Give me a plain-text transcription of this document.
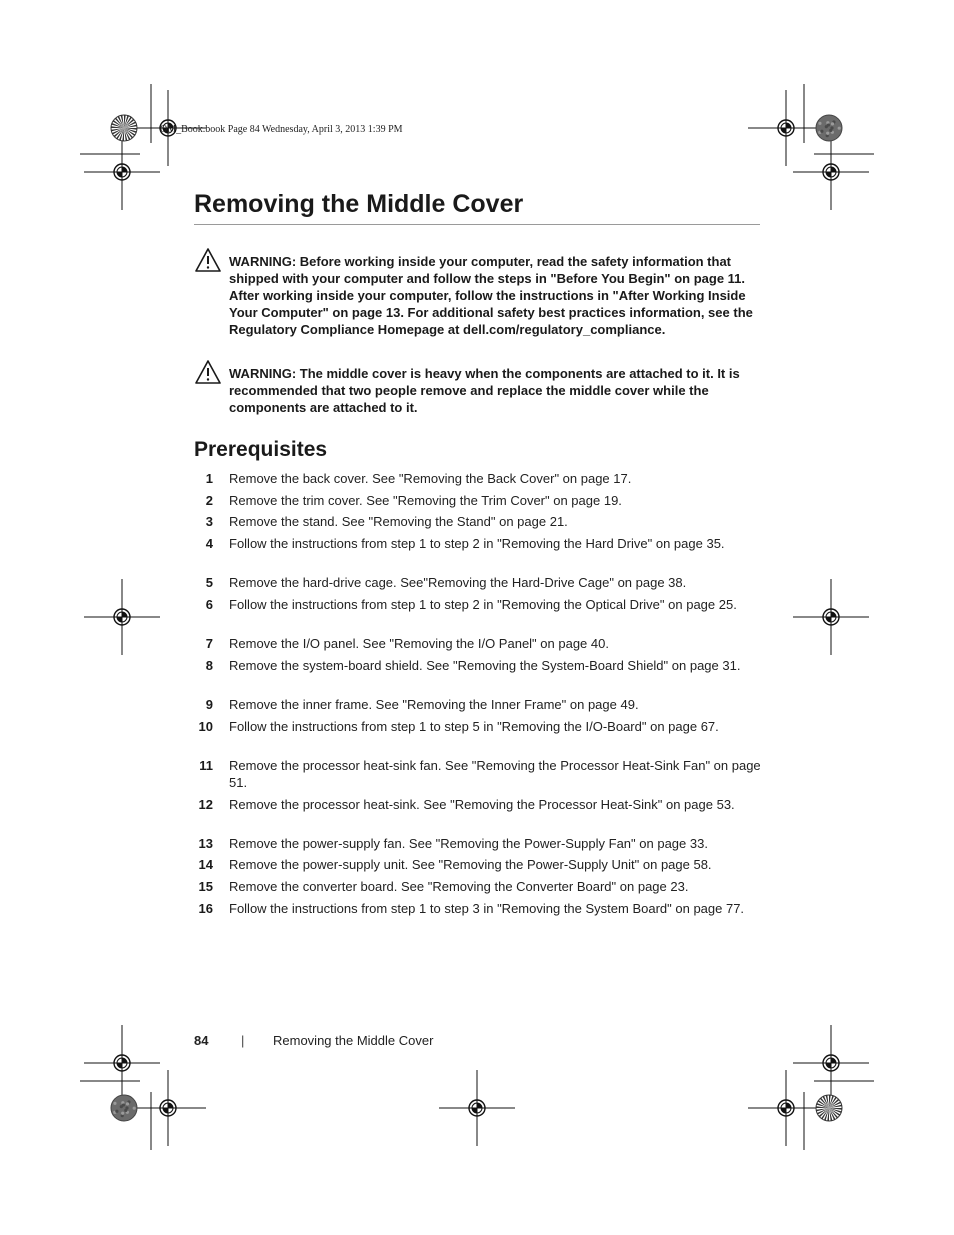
OM_Book.book Page 84 Wednesday, April 3, 2013 1:39 PM
Removing the Middle Cover
WARNING: Before working inside your computer, read the safety information that shipped with your computer and follow the steps in "Before You Begin" on page 11. After working inside your computer, follow the instructions in "After Working Inside Your Computer" on page 13. For additional safety best practices information, see the Regulatory Compliance Homepage at dell.com/regulatory_compliance.
WARNING: The middle cover is heavy when the components are attached to it. It is recommended that two people remove and replace the middle cover while the components are attached to it.
Prerequisites
1 Remove the back cover. See "Removing the Back Cover" on page 17.
2 Remove the trim cover. See "Removing the Trim Cover" on page 19.
3 Remove the stand. See "Removing the Stand" on page 21.
4 Follow the instructions from step 1 to step 2 in "Removing the Hard Drive" on page 35.
5 Remove the hard-drive cage. See"Removing the Hard-Drive Cage" on page 38.
6 Follow the instructions from step 1 to step 2 in "Removing the Optical Drive" on page 25.
7 Remove the I/O panel. See "Removing the I/O Panel" on page 40.
8 Remove the system-board shield. See "Removing the System-Board Shield" on page 31.
9 Remove the inner frame. See "Removing the Inner Frame" on page 49.
10 Follow the instructions from step 1 to step 5 in "Removing the I/O-Board" on page 67.
11 Remove the processor heat-sink fan. See "Removing the Processor Heat-Sink Fan" on page 51.
12 Remove the processor heat-sink. See "Removing the Processor Heat-Sink" on page 53.
13 Remove the power-supply fan. See "Removing the Power-Supply Fan" on page 33.
14 Remove the power-supply unit. See "Removing the Power-Supply Unit" on page 58.
15 Remove the converter board. See "Removing the Converter Board" on page 23.
16 Follow the instructions from step 1 to step 3 in "Removing the System Board" on page 77.
84	| Removing the Middle Cover
